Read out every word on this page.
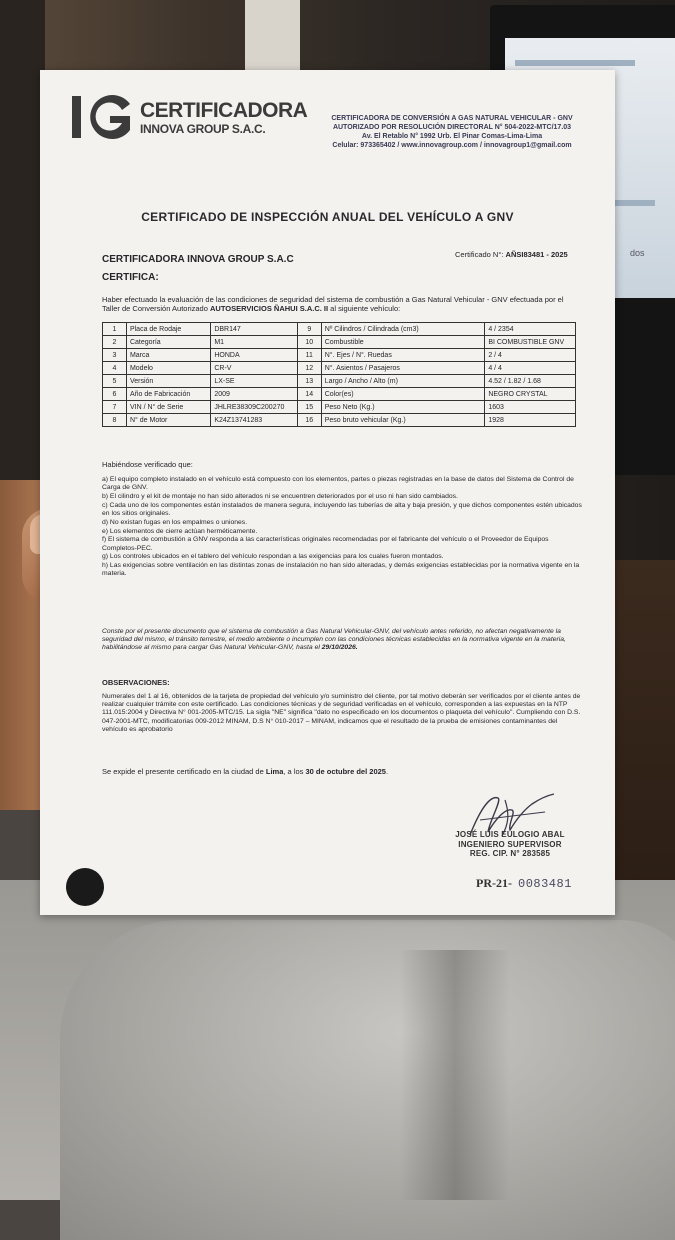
dos
CERTIFICADORA
INNOVA GROUP S.A.C.
CERTIFICADORA DE CONVERSIÓN A GAS NATURAL VEHICULAR - GNV
AUTORIZADO POR RESOLUCIÓN DIRECTORAL N° 504-2022-MTC/17.03
Av. El Retablo N° 1992 Urb. El Pinar Comas-Lima-Lima
Celular: 973365402 / www.innovagroup.com / innovagroup1@gmail.com
CERTIFICADO DE INSPECCIÓN ANUAL DEL VEHÍCULO A GNV
CERTIFICADORA INNOVA GROUP S.A.C	Certificado N°: AÑSI83481 - 2025
CERTIFICA:
Haber efectuado la evaluación de las condiciones de seguridad del sistema de combustión a Gas Natural Vehicular - GNV efectuada por el Taller de Conversión Autorizado AUTOSERVICIOS ÑAHUI S.A.C. II al siguiente vehículo:
1	Placa de Rodaje	DBR147	9	Nº Cilindros / Cilindrada (cm3)	4 / 2354
2	Categoría	M1	10	Combustible	BI COMBUSTIBLE GNV
3	Marca	HONDA	11	N°. Ejes / N°. Ruedas	2 / 4
4	Modelo	CR-V	12	N°. Asientos / Pasajeros	4 / 4
5	Versión	LX-SE	13	Largo / Ancho / Alto (m)	4.52 / 1.82 / 1.68
6	Año de Fabricación	2009	14	Color(es)	NEGRO CRYSTAL
7	VIN / N° de Serie	JHLRE38309C200270	15	Peso Neto (Kg.)	1603
8	N° de Motor	K24Z13741283	16	Peso bruto vehicular (Kg.)	1928
Habiéndose verificado que:
a) El equipo completo instalado en el vehículo está compuesto con los elementos, partes o piezas registradas en la base de datos del Sistema de Control de Carga de GNV.
b) El cilindro y el kit de montaje no han sido alterados ni se encuentren deteriorados por el uso ni han sido cambiados.
c) Cada uno de los componentes están instalados de manera segura, incluyendo las tuberías de alta y baja presión, y que dichos componentes estén ubicados en los sitios originales.
d) No existan fugas en los empalmes o uniones.
e) Los elementos de cierre actúan herméticamente.
f) El sistema de combustión a GNV responda a las características originales recomendadas por el fabricante del vehículo o el Proveedor de Equipos Completos-PEC.
g) Los controles ubicados en el tablero del vehículo respondan a las exigencias para los cuales fueron montados.
h) Las exigencias sobre ventilación en las distintas zonas de instalación no han sido alteradas, y demás exigencias establecidas por la normativa vigente en la materia.
Conste por el presente documento que el sistema de combustión a Gas Natural Vehicular-GNV, del vehículo antes referido, no afectan negativamente la seguridad del mismo, el tránsito terrestre, el medio ambiente o incumplen con las condiciones técnicas establecidas en la normativa vigente en la materia, habilitándose al mismo para cargar Gas Natural Vehicular-GNV, hasta el 29/10/2026.
OBSERVACIONES:
Numerales del 1 al 16, obtenidos de la tarjeta de propiedad del vehículo y/o suministro del cliente, por tal motivo deberán ser verificados por el cliente antes de realizar cualquier trámite con este certificado. Las condiciones técnicas y de seguridad verificadas en el vehículo, corresponden a las expuestas en la NTP 111.015:2004 y Directiva N° 001-2005-MTC/15. La sigla "NE" significa "dato no especificado en los documentos o plaqueta del vehículo". Cumpliendo con D.S. 047-2001-MTC, modificatorias 009-2012 MINAM, D.S N° 010-2017 – MINAM, indicamos que el resultado de la prueba de emisiones contaminantes del vehículo es aprobatorio
Se expide el presente certificado en la ciudad de Lima, a los 30 de octubre del 2025.
JOSÉ LUIS EULOGIO ABAL
INGENIERO SUPERVISOR
REG. CIP. N° 283585
PR-21- 0083481
